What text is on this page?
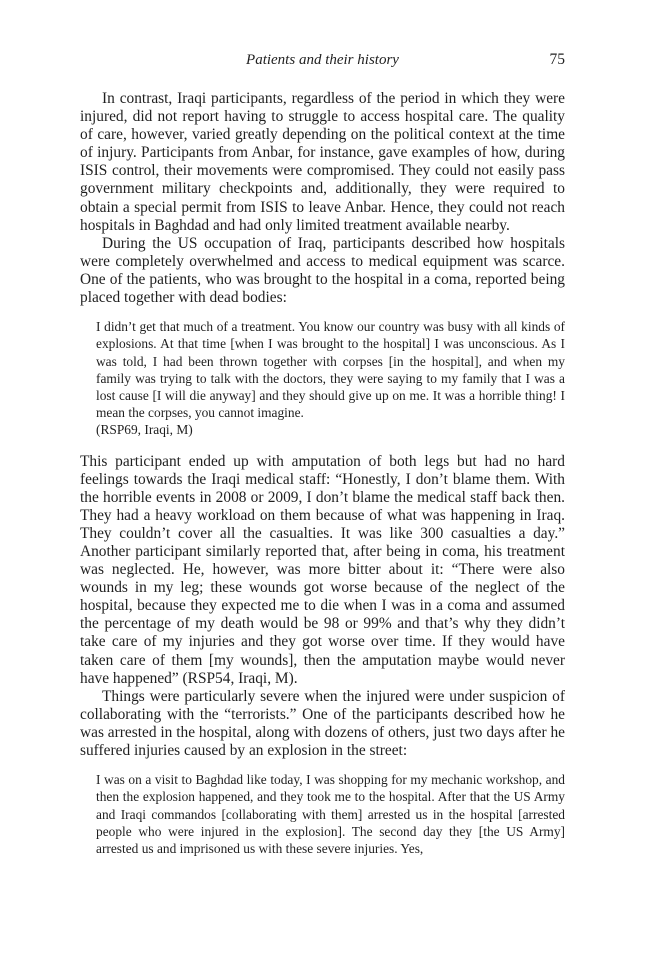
Patients and their history	75

In contrast, Iraqi participants, regardless of the period in which they were injured, did not report having to struggle to access hospital care. The quality of care, however, varied greatly depending on the political context at the time of injury. Participants from Anbar, for instance, gave examples of how, during ISIS control, their movements were compromised. They could not easily pass government military checkpoints and, additionally, they were required to obtain a special permit from ISIS to leave Anbar. Hence, they could not reach hospitals in Baghdad and had only limited treatment available nearby.

During the US occupation of Iraq, participants described how hospitals were completely overwhelmed and access to medical equipment was scarce. One of the patients, who was brought to the hospital in a coma, reported being placed together with dead bodies:

I didn’t get that much of a treatment. You know our country was busy with all kinds of explosions. At that time [when I was brought to the hospital] I was unconscious. As I was told, I had been thrown together with corpses [in the hospital], and when my family was trying to talk with the doctors, they were saying to my family that I was a lost cause [I will die anyway] and they should give up on me. It was a horrible thing! I mean the corpses, you cannot imagine.
(RSP69, Iraqi, M)

This participant ended up with amputation of both legs but had no hard feelings towards the Iraqi medical staff: “Honestly, I don’t blame them. With the horrible events in 2008 or 2009, I don’t blame the medical staff back then. They had a heavy workload on them because of what was happening in Iraq. They couldn’t cover all the casualties. It was like 300 casualties a day.” Another participant similarly reported that, after being in coma, his treatment was neglected. He, however, was more bitter about it: “There were also wounds in my leg; these wounds got worse because of the neglect of the hospital, because they expected me to die when I was in a coma and assumed the percentage of my death would be 98 or 99% and that’s why they didn’t take care of my injuries and they got worse over time. If they would have taken care of them [my wounds], then the amputation maybe would never have happened” (RSP54, Iraqi, M).

Things were particularly severe when the injured were under suspicion of collaborating with the “terrorists.” One of the participants described how he was arrested in the hospital, along with dozens of others, just two days after he suffered injuries caused by an explosion in the street:

I was on a visit to Baghdad like today, I was shopping for my mechanic workshop, and then the explosion happened, and they took me to the hospital. After that the US Army and Iraqi commandos [collaborating with them] arrested us in the hospital [arrested people who were injured in the explosion]. The second day they [the US Army] arrested us and imprisoned us with these severe injuries. Yes,
